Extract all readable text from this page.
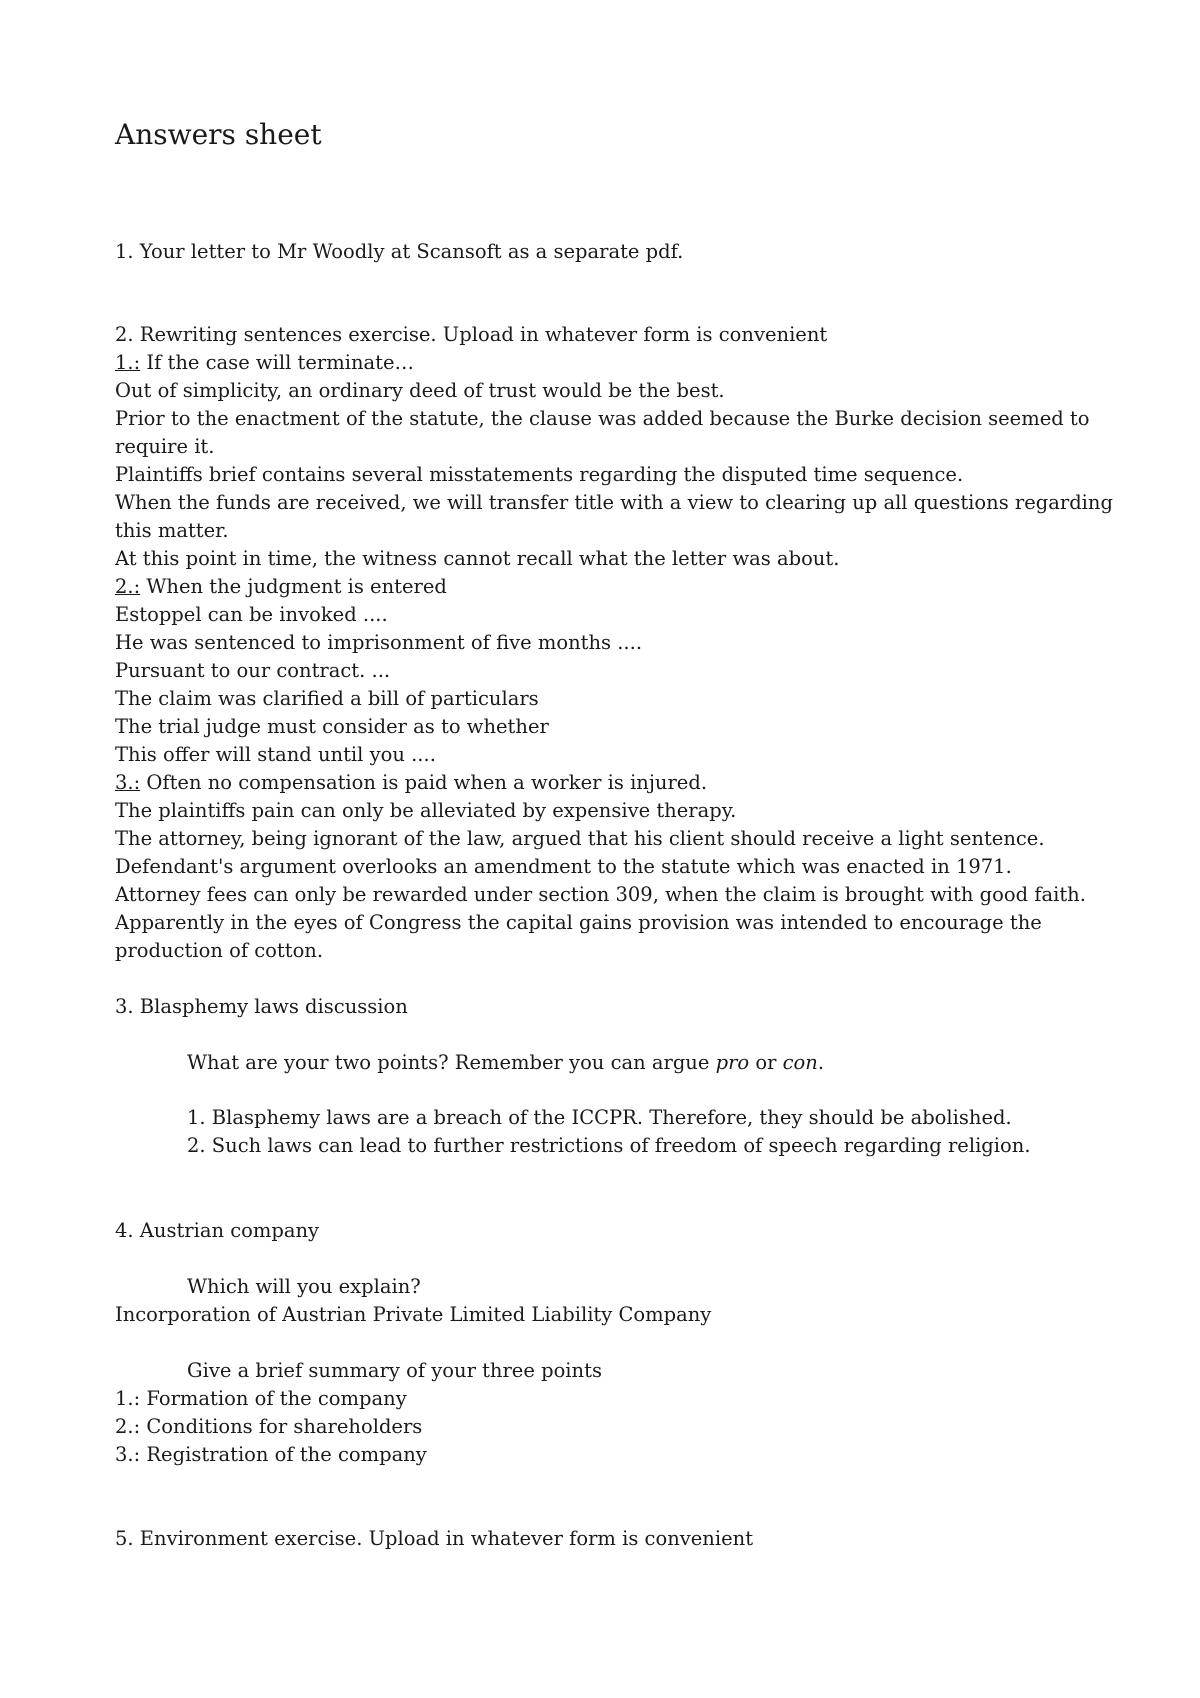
Answers sheet
1. Your letter to Mr Woodly at Scansoft as a separate pdf.
2. Rewriting sentences exercise. Upload in whatever form is convenient
1.: If the case will terminate…
Out of simplicity, an ordinary deed of trust would be the best.
Prior to the enactment of the statute, the clause was added because the Burke decision seemed to
require it.
Plaintiffs brief contains several misstatements regarding the disputed time sequence.
When the funds are received, we will transfer title with a view to clearing up all questions regarding
this matter.
At this point in time, the witness cannot recall what the letter was about.
2.: When the judgment is entered
Estoppel can be invoked ....
He was sentenced to imprisonment of five months ....
Pursuant to our contract. ...
The claim was clarified a bill of particulars
The trial judge must consider as to whether
This offer will stand until you ....
3.: Often no compensation is paid when a worker is injured.
The plaintiffs pain can only be alleviated by expensive therapy.
The attorney, being ignorant of the law, argued that his client should receive a light sentence.
Defendant's argument overlooks an amendment to the statute which was enacted in 1971.
Attorney fees can only be rewarded under section 309, when the claim is brought with good faith.
Apparently in the eyes of Congress the capital gains provision was intended to encourage the
production of cotton.
3. Blasphemy laws discussion
What are your two points? Remember you can argue pro or con.
1. Blasphemy laws are a breach of the ICCPR. Therefore, they should be abolished.
2. Such laws can lead to further restrictions of freedom of speech regarding religion.
4. Austrian company
Which will you explain?
Incorporation of Austrian Private Limited Liability Company
Give a brief summary of your three points
1.: Formation of the company
2.: Conditions for shareholders
3.: Registration of the company
5. Environment exercise. Upload in whatever form is convenient
